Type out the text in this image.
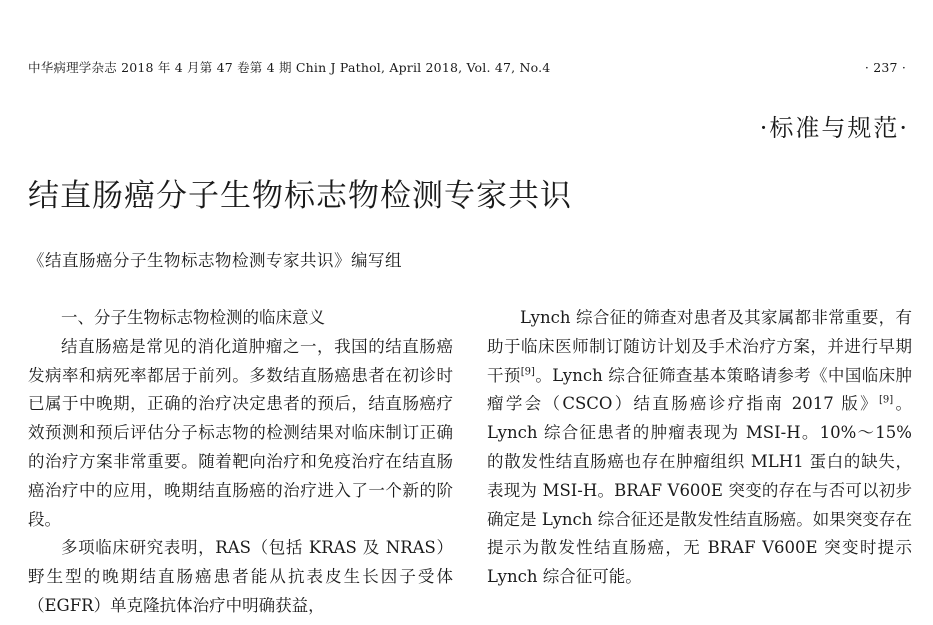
中华病理学杂志 2018 年 4 月第 47 卷第 4 期 Chin J Pathol, April 2018, Vol. 47, No.4	· 237 ·
·标准与规范·
结直肠癌分子生物标志物检测专家共识
《结直肠癌分子生物标志物检测专家共识》编写组
一、分子生物标志物检测的临床意义

结直肠癌是常见的消化道肿瘤之一，我国的结直肠癌发病率和病死率都居于前列。多数结直肠癌患者在初诊时已属于中晚期，正确的治疗决定患者的预后，结直肠癌疗效预测和预后评估分子标志物的检测结果对临床制订正确的治疗方案非常重要。随着靶向治疗和免疫治疗在结直肠癌治疗中的应用，晚期结直肠癌的治疗进入了一个新的阶段。

多项临床研究表明，RAS（包括 KRAS 及 NRAS）野生型的晚期结直肠癌患者能从抗表皮生长因子受体（EGFR）单克隆抗体治疗中明确获益，

Lynch 综合征的筛查对患者及其家属都非常重要，有助于临床医师制订随访计划及手术治疗方案，并进行早期干预[9]。Lynch 综合征筛查基本策略请参考《中国临床肿瘤学会（CSCO）结直肠癌诊疗指南 2017 版》[9]。Lynch 综合征患者的肿瘤表现为 MSI-H。10%～15% 的散发性结直肠癌也存在肿瘤组织 MLH1 蛋白的缺失，表现为 MSI-H。BRAF V600E 突变的存在与否可以初步确定是 Lynch 综合征还是散发性结直肠癌。如果突变存在提示为散发性结直肠癌，无 BRAF V600E 突变时提示 Lynch 综合征可能。
